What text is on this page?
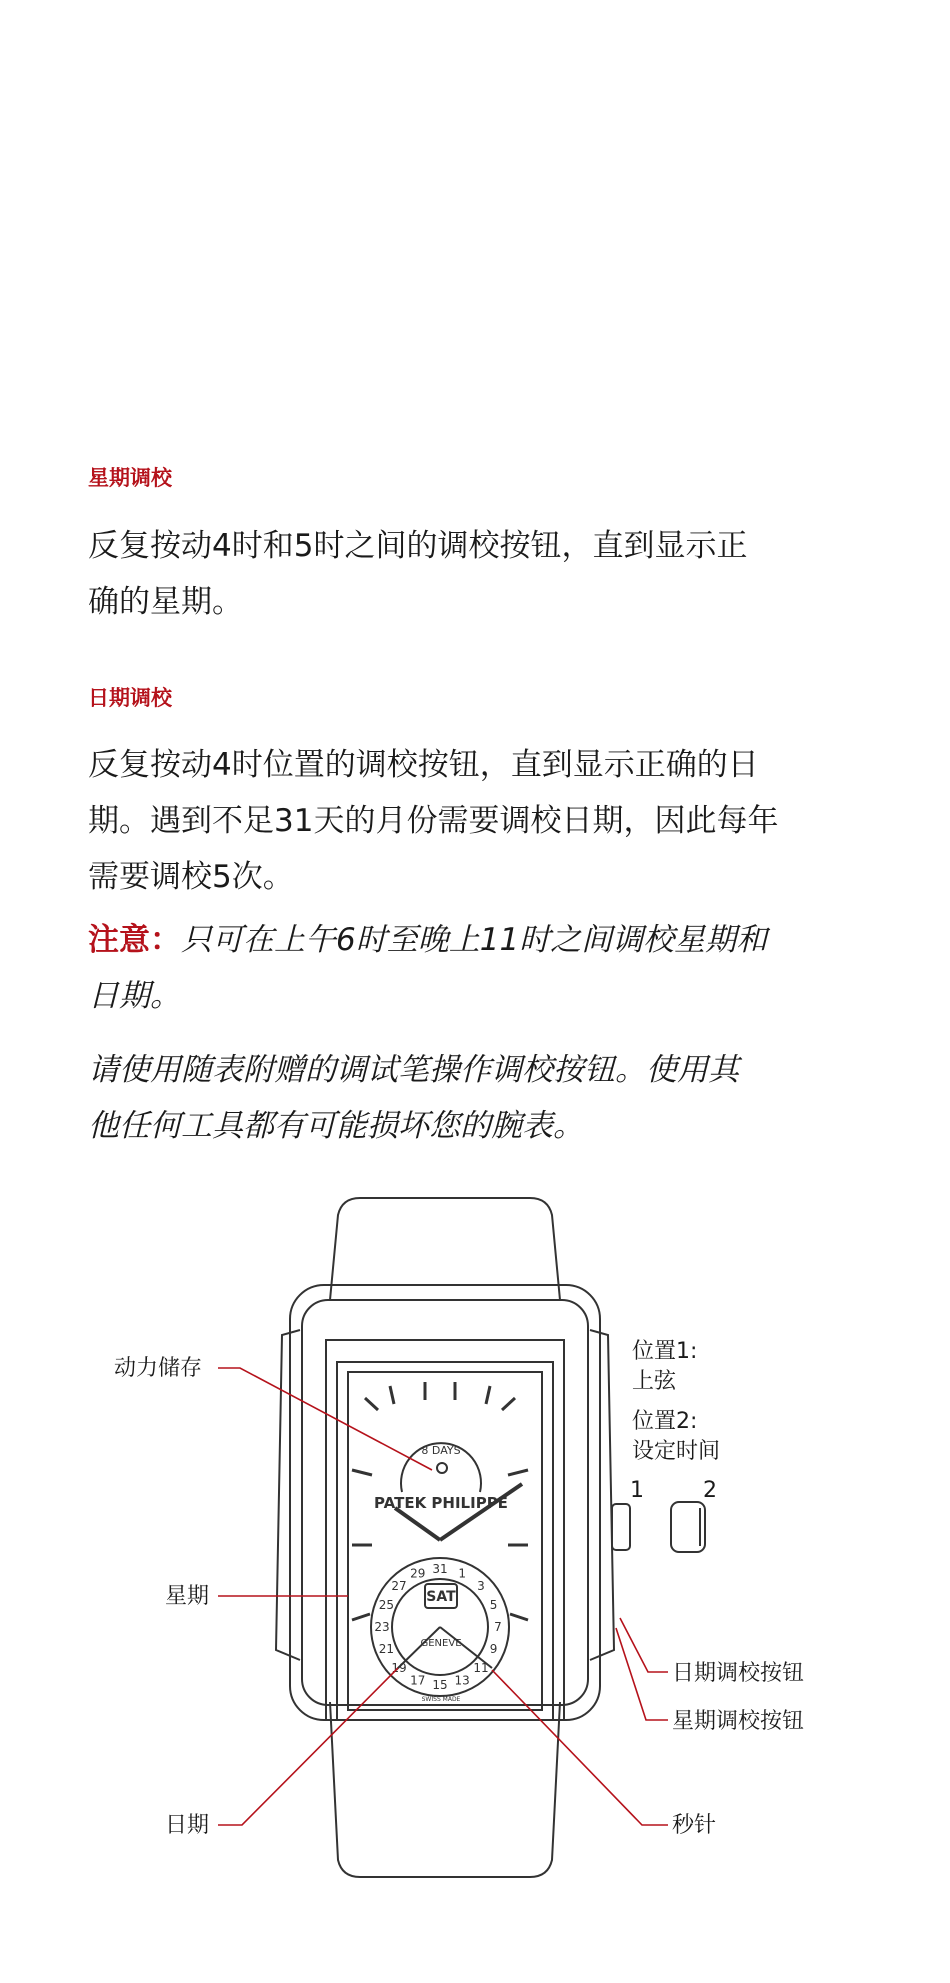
星期调校
反复按动4时和5时之间的调校按钮，直到显示正
确的星期。
日期调校
反复按动4时位置的调校按钮，直到显示正确的日
期。遇到不足31天的月份需要调校日期，因此每年
需要调校5次。
注意：只可在上午6时至晚上11时之间调校星期和
日期。
请使用随表附赠的调试笔操作调校按钮。使用其
他任何工具都有可能损坏您的腕表。
8 DAYS
PATEK PHILIPPE
SAT
GENEVE
SWISS MADE
31 1
3
5
7
9
11
13
15
17
19
21
23
25
27
29
动力储存
星期
日期
位置1:
上弦
位置2:
设定时间
1	2
日期调校按钮
星期调校按钮
秒针
